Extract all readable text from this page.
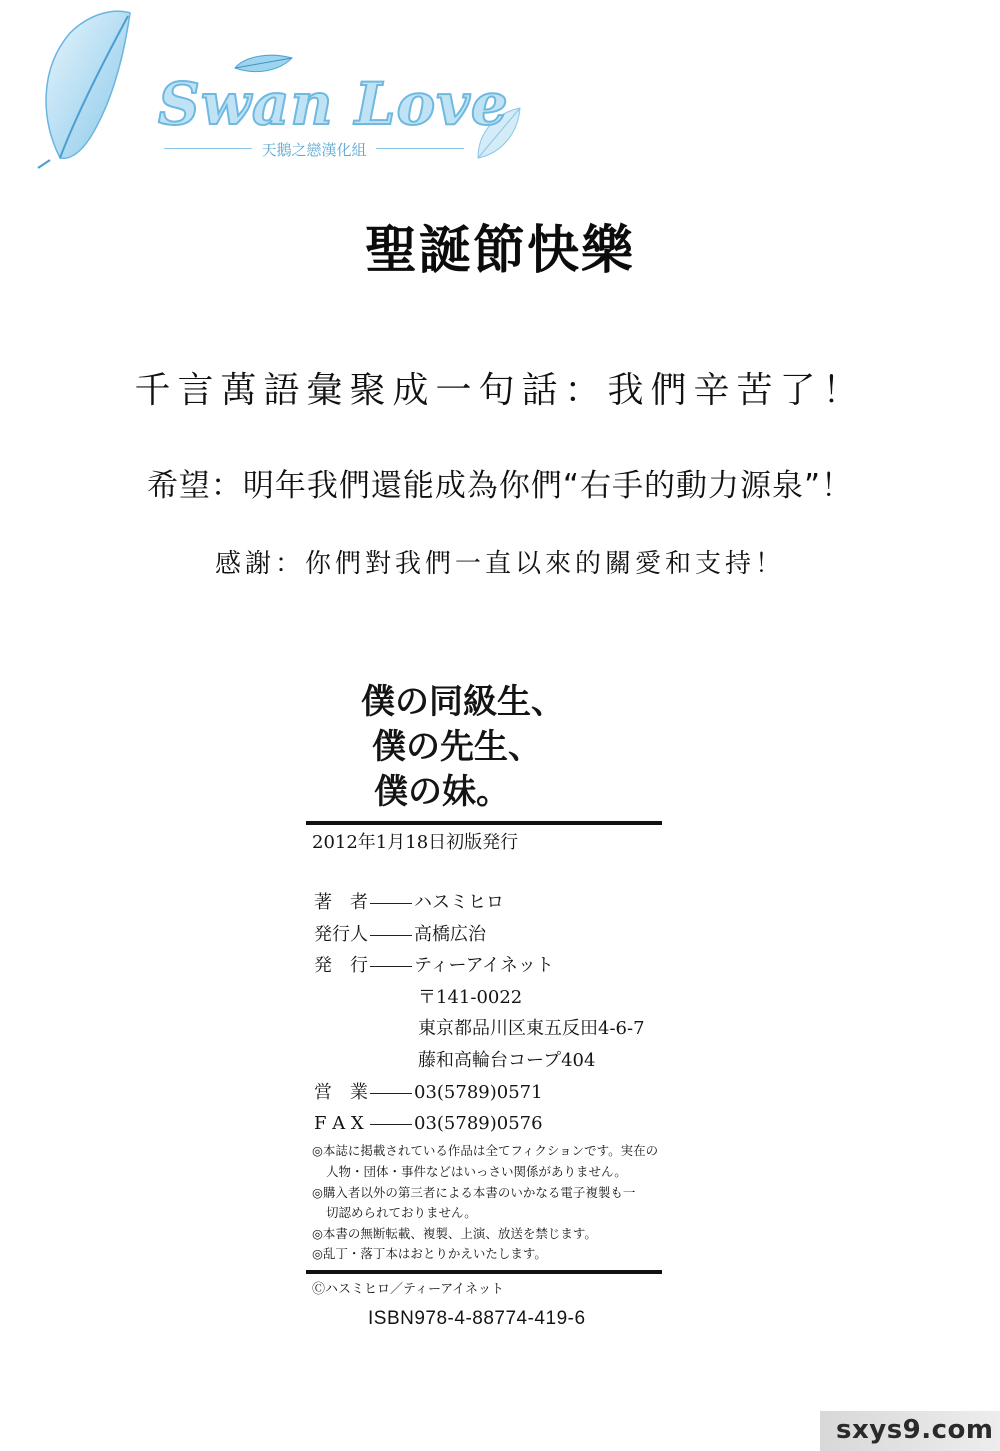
Swan Love
天鵝之戀漢化組
聖誕節快樂
千言萬語彙聚成一句話：我們辛苦了！
希望：明年我們還能成為你們“右手的動力源泉”！
感謝：你們對我們一直以來的關愛和支持！
僕の同級生、
僕の先生、
僕の妹。
2012年1月18日初版発行
著　者	ハスミヒロ
発行人	高橋広治
発　行	ティーアイネット
〒141-0022
東京都品川区東五反田4-6-7
藤和高輪台コープ404
営　業	03(5789)0571
F A X	03(5789)0576
◎本誌に掲載されている作品は全てフィクションです。実在の
人物・団体・事件などはいっさい関係がありません。
◎購入者以外の第三者による本書のいかなる電子複製も一
切認められておりません。
◎本書の無断転載、複製、上演、放送を禁じます。
◎乱丁・落丁本はおとりかえいたします。
Ⓒハスミヒロ／ティーアイネット
ISBN978-4-88774-419-6
sxys9.com
